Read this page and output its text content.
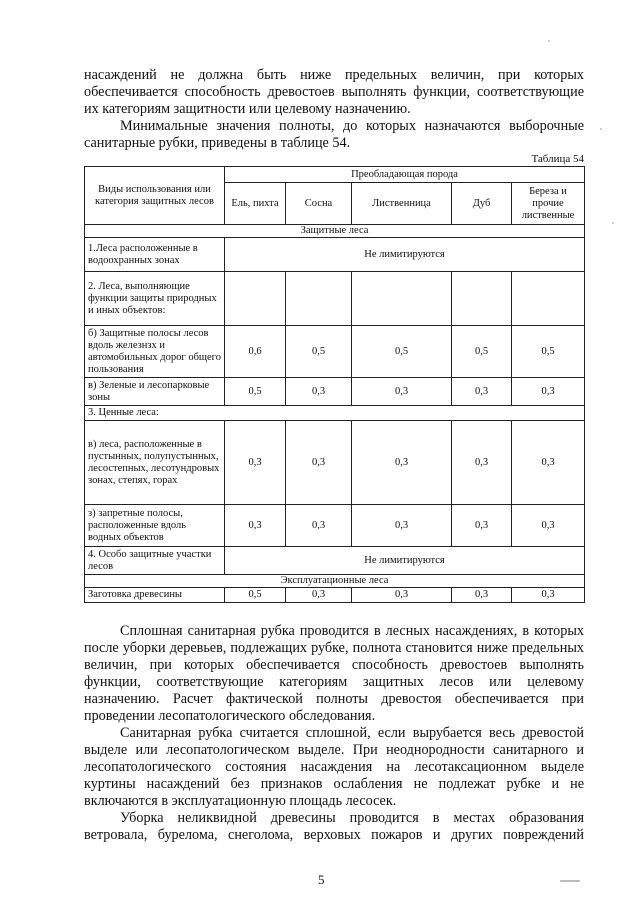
насаждений не должна быть ниже предельных величин, при которых обеспечивается способность древостоев выполнять функции, соответствующие их категориям защитности или целевому назначению.

Минимальные значения полноты, до которых назначаются выборочные санитарные рубки, приведены в таблице 54.

Таблица 54
Виды использования или категория защитных лесов	Преобладающая порода				
	Ель, пихта	Сосна	Лиственница	Дуб	Береза и прочие лиственные
Защитные леса					
1.Леса расположенные в водоохранных зонах	Не лимитируются				
2. Леса, выполняющие функции защиты природных и иных объектов:					
б) Защитные полосы лесов вдоль железнзх и автомобильных дорог общего пользования	0,6	0,5	0,5	0,5	0,5
в) Зеленые и лесопарковые зоны	0,5	0,3	0,3	0,3	0,3
3. Ценные леса:					
в) леса, расположенные в пустынных, полупустынных, лесостепных, лесотундровых зонах, степях, горах	0,3	0,3	0,3	0,3	0,3
з) запретные полосы, расположенные вдоль водных объектов	0,3	0,3	0,3	0,3	0,3
4. Особо защитные участки лесов	Не лимитируются				
Эксплуатационные леса					
Заготовка древесины	0,5	0,3	0,3	0,3	0,3

Сплошная санитарная рубка проводится в лесных насаждениях, в которых после уборки деревьев, подлежащих рубке, полнота становится ниже предельных величин, при которых обеспечивается способность древостоев выполнять функции, соответствующие категориям защитных лесов или целевому назначению. Расчет фактической полноты древостоя обеспечивается при проведении лесопатологического обследования.

Санитарная рубка считается сплошной, если вырубается весь древостой выделе или лесопатологическом выделе. При неоднородности санитарного и лесопатологического состояния насаждения на лесотаксационном выделе куртины насаждений без признаков ослабления не подлежат рубке и не включаются в эксплуатационную площадь лесосек.

Уборка неликвидной древесины проводится в местах образования ветровала, бурелома, снеголома, верховых пожаров и других повреждений

5
